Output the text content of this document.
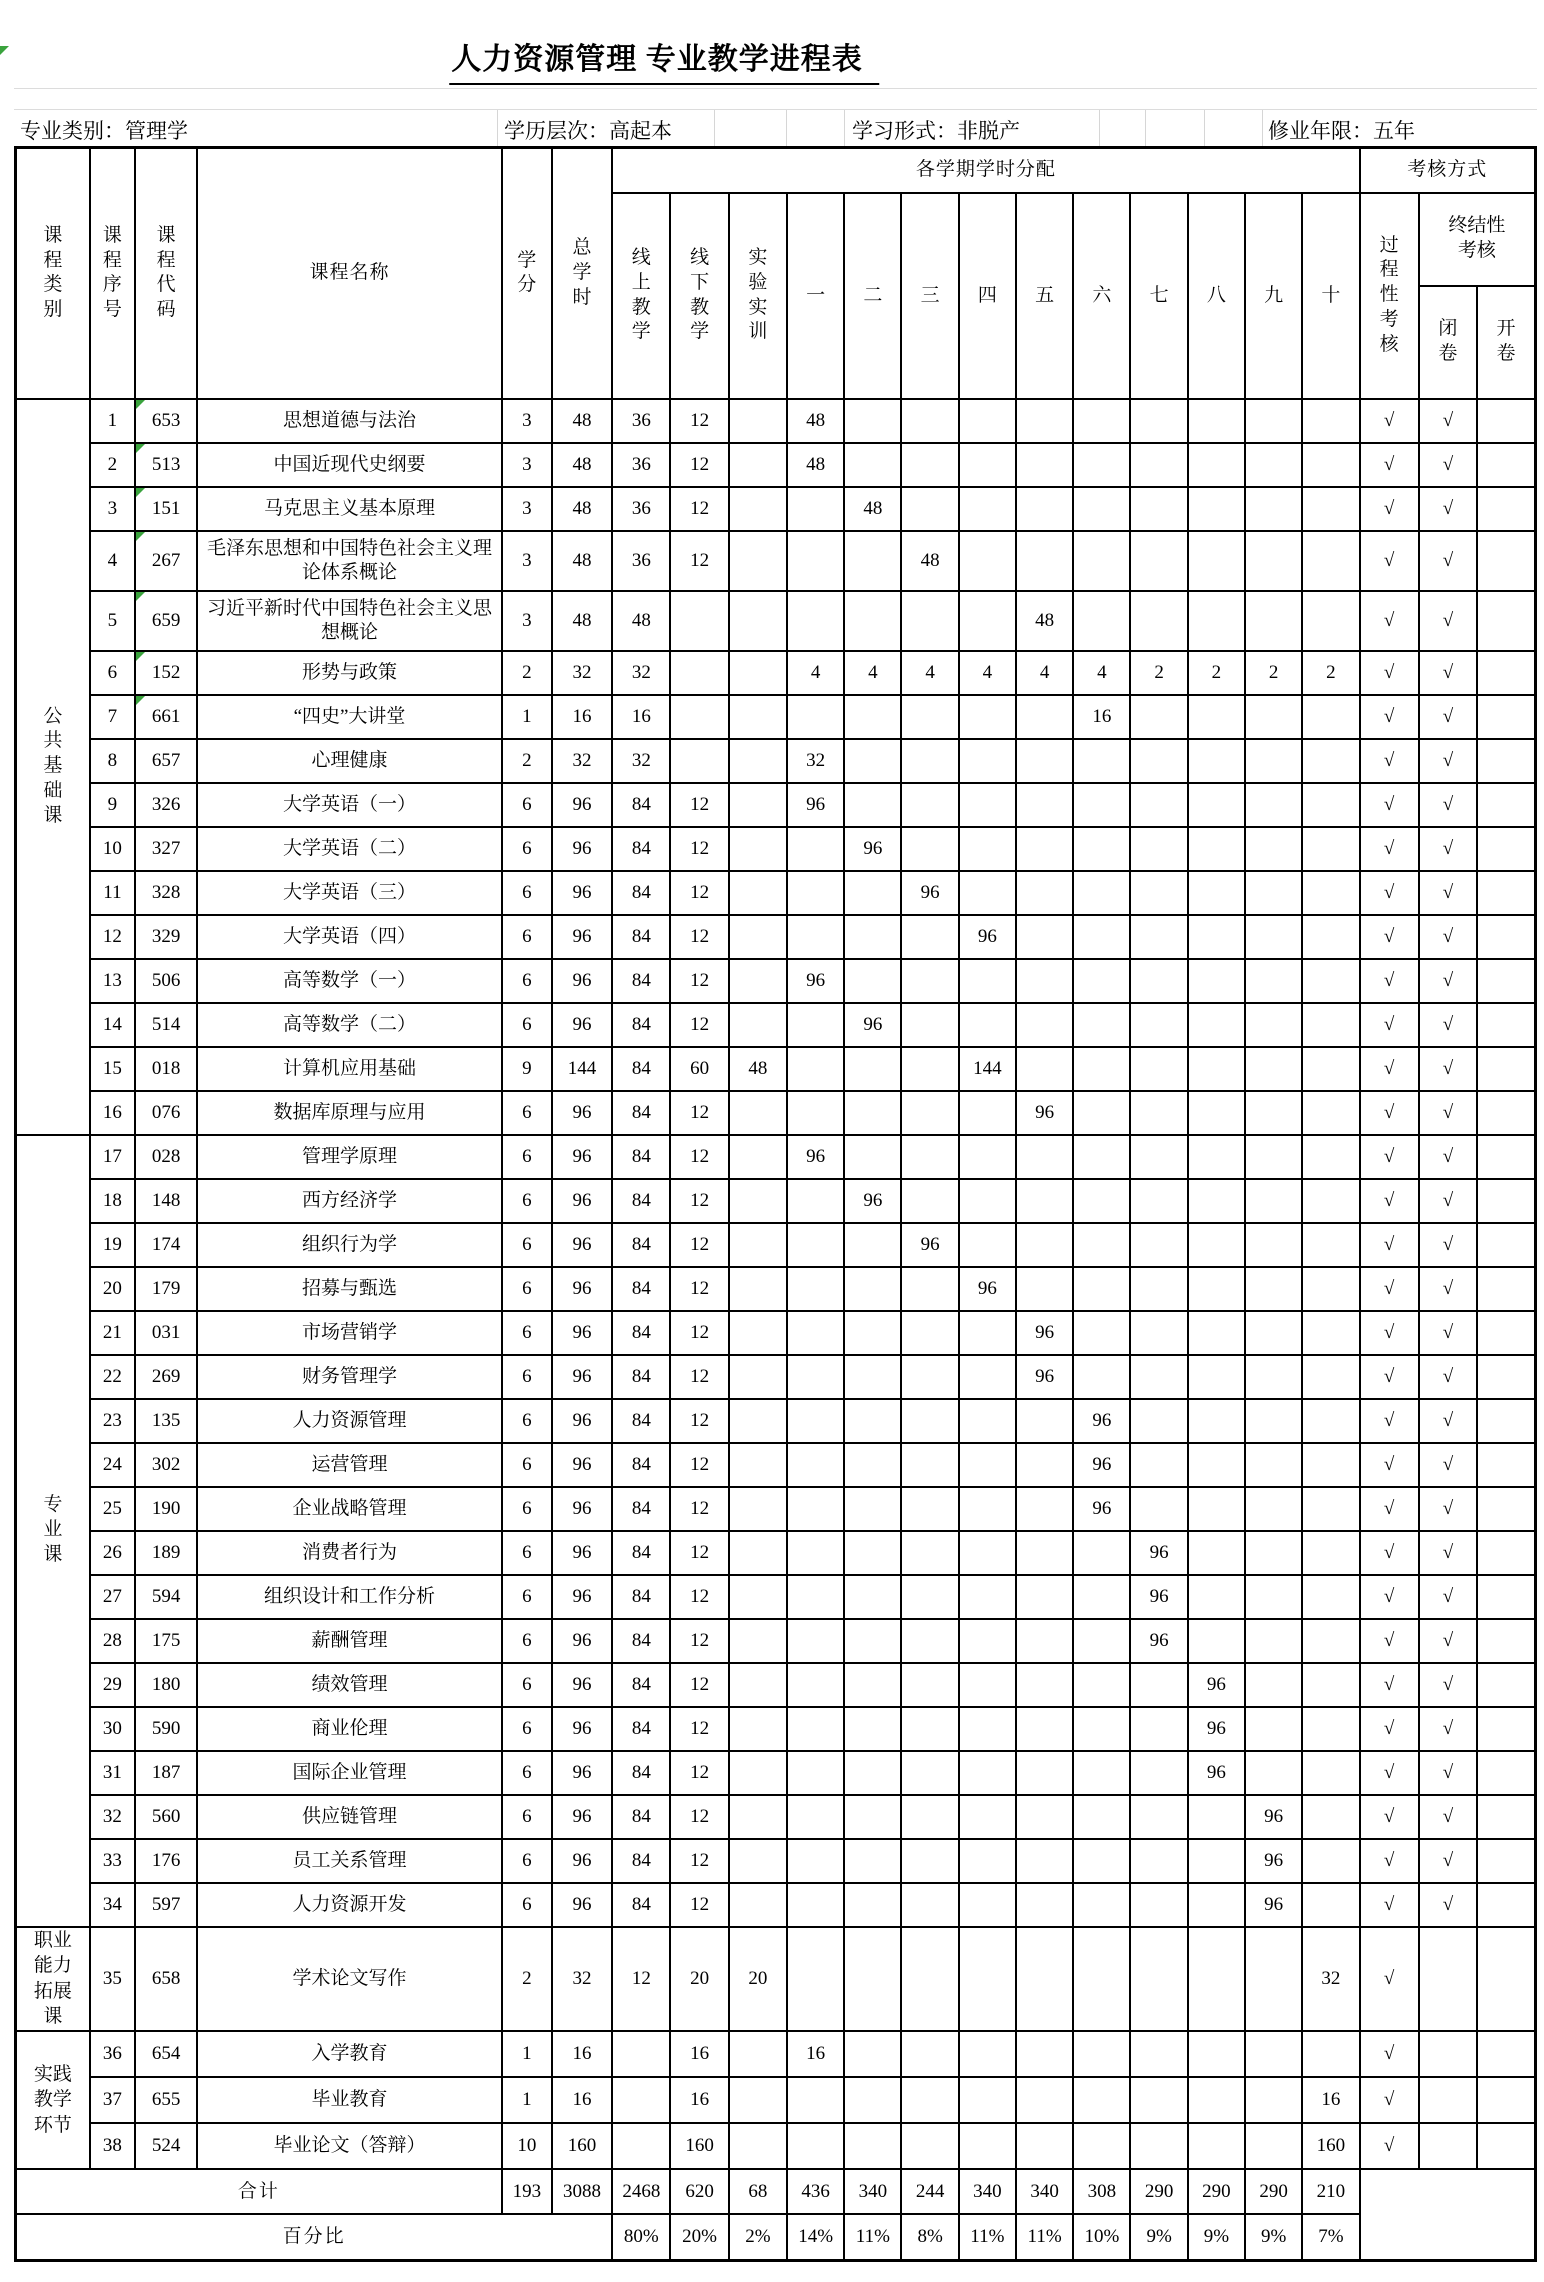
人力资源管理 专业教学进程表
专业类别：管理学	学历层次：高起本	学习形式：非脱产	修业年限：五年
课程类别	课程序号	课程代码	课程名称	学分	总学时	各学期学时分配													考核方式		

						线上教学	线下教学	实验实训	一	二	三	四	五	六	七	八	九	十	过程性考核	终结性考核	

																				闭卷	开卷

公共基础课	1	653	思想道德与法治	3	48	36	12		48										√	√	
	2	513	中国近现代史纲要	3	48	36	12		48										√	√	
	3	151	马克思主义基本原理	3	48	36	12			48									√	√	
	4	267	毛泽东思想和中国特色社会主义理论体系概论	3	48	36	12				48								√	√	
	5	659	习近平新时代中国特色社会主义思想概论	3	48	48							48						√	√	
	6	152	形势与政策	2	32	32			4	4	4	4	4	4	2	2	2	2	√	√	
	7	661	“四史”大讲堂	1	16	16								16					√	√	
	8	657	心理健康	2	32	32			32										√	√	
	9	326	大学英语（一）	6	96	84	12		96										√	√	
	10	327	大学英语（二）	6	96	84	12			96									√	√	
	11	328	大学英语（三）	6	96	84	12				96								√	√	
	12	329	大学英语（四）	6	96	84	12					96							√	√	
	13	506	高等数学（一）	6	96	84	12		96										√	√	
	14	514	高等数学（二）	6	96	84	12			96									√	√	
	15	018	计算机应用基础	9	144	84	60	48				144							√	√	
	16	076	数据库原理与应用	6	96	84	12						96						√	√	

专业课	17	028	管理学原理	6	96	84	12		96										√	√	
	18	148	西方经济学	6	96	84	12			96									√	√	
	19	174	组织行为学	6	96	84	12				96								√	√	
	20	179	招募与甄选	6	96	84	12					96							√	√	
	21	031	市场营销学	6	96	84	12						96						√	√	
	22	269	财务管理学	6	96	84	12						96						√	√	
	23	135	人力资源管理	6	96	84	12							96					√	√	
	24	302	运营管理	6	96	84	12							96					√	√	
	25	190	企业战略管理	6	96	84	12							96					√	√	
	26	189	消费者行为	6	96	84	12								96				√	√	
	27	594	组织设计和工作分析	6	96	84	12								96				√	√	
	28	175	薪酬管理	6	96	84	12								96				√	√	
	29	180	绩效管理	6	96	84	12									96			√	√	
	30	590	商业伦理	6	96	84	12									96			√	√	
	31	187	国际企业管理	6	96	84	12									96			√	√	
	32	560	供应链管理	6	96	84	12										96		√	√	
	33	176	员工关系管理	6	96	84	12										96		√	√	
	34	597	人力资源开发	6	96	84	12										96		√	√	

职业能力拓展课	35	658	学术论文写作	2	32	12	20	20										32	√		

实践教学环节	36	654	入学教育	1	16		16		16										√		
	37	655	毕业教育	1	16		16											16	√		
	38	524	毕业论文（答辩）	10	160		160											160	√		
合计				193	3088	2468	620	68	436	340	244	340	340	308	290	290	290	210			
百分比						80%	20%	2%	14%	11%	8%	11%	11%	10%	9%	9%	9%	7%			
